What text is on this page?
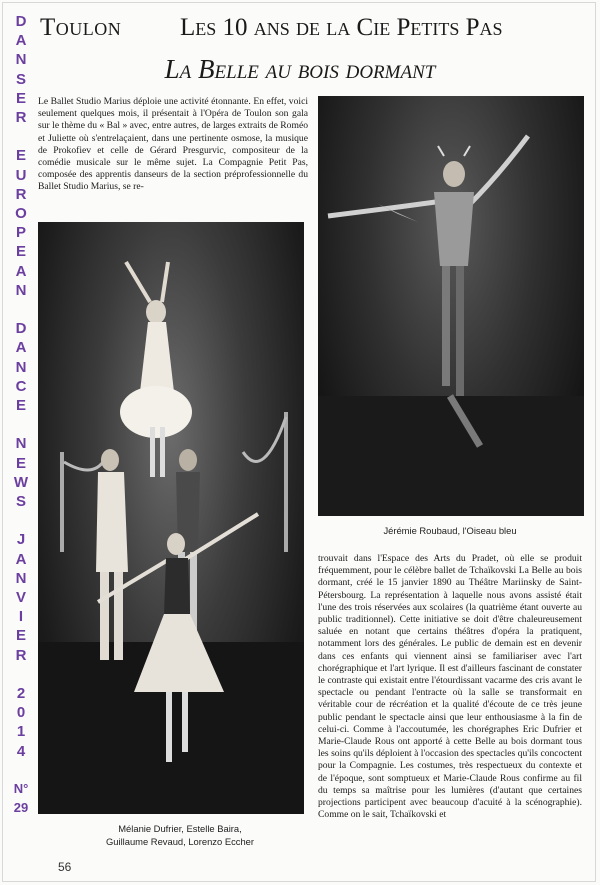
D
A
N
S
E
R
E
U
R
O
P
E
A
N
D
A
N
C
E
N
E
W
S
J
A
N
V
I
E
R
2
0
1
4
N°
29
Toulon Les 10 ans de la Cie Petits Pas
La Belle au bois dormant

Le Ballet Studio Marius déploie une activité étonnante. En effet, voici seulement quelques mois, il présentait à l'Opéra de Toulon son gala sur le thème du « Bal » avec, entre autres, de larges extraits de Roméo et Juliette où s'entrelaçaient, dans une pertinente osmose, la musique de Prokofiev et celle de Gérard Presgurvic, compositeur de la comédie musicale sur le même sujet. La Compagnie Petit Pas, composée des apprentis danseurs de la section préprofessionnelle du Ballet Studio Marius, se re-

Mélanie Dufrier, Estelle Baira,
Guillaume Revaud, Lorenzo Eccher
Jérémie Roubaud, l'Oiseau bleu

trouvait dans l'Espace des Arts du Pradet, où elle se produit fréquemment, pour le célèbre ballet de Tchaïkovski La Belle au bois dormant, créé le 15 janvier 1890 au Théâtre Mariinsky de Saint-Pétersbourg. La représentation à laquelle nous avons assisté était l'une des trois réservées aux scolaires (la quatrième étant ouverte au public traditionnel). Cette initiative se doit d'être chaleureusement saluée en notant que certains théâtres d'opéra la pratiquent, notamment lors des générales. Le public de demain est en devenir dans ces enfants qui viennent ainsi se familiariser avec l'art chorégraphique et l'art lyrique. Il est d'ailleurs fascinant de constater le contraste qui existait entre l'étourdissant vacarme des cris avant le spectacle ou pendant l'entracte où la salle se transformait en véritable cour de récréation et la qualité d'écoute de ce très jeune public pendant le spectacle ainsi que leur enthousiasme à la fin de celui-ci. Comme à l'accoutumée, les chorégraphes Eric Dufrier et Marie-Claude Rous ont apporté à cette Belle au bois dormant tous les soins qu'ils déploient à l'occasion des spectacles qu'ils concoctent pour la Compagnie. Les costumes, très respectueux du contexte et de l'époque, sont somptueux et Marie-Claude Rous confirme au fil du temps sa maîtrise pour les lumières (d'autant que certaines projections participent avec beaucoup d'acuité à la scénographie). Comme on le sait, Tchaïkovski et

56
